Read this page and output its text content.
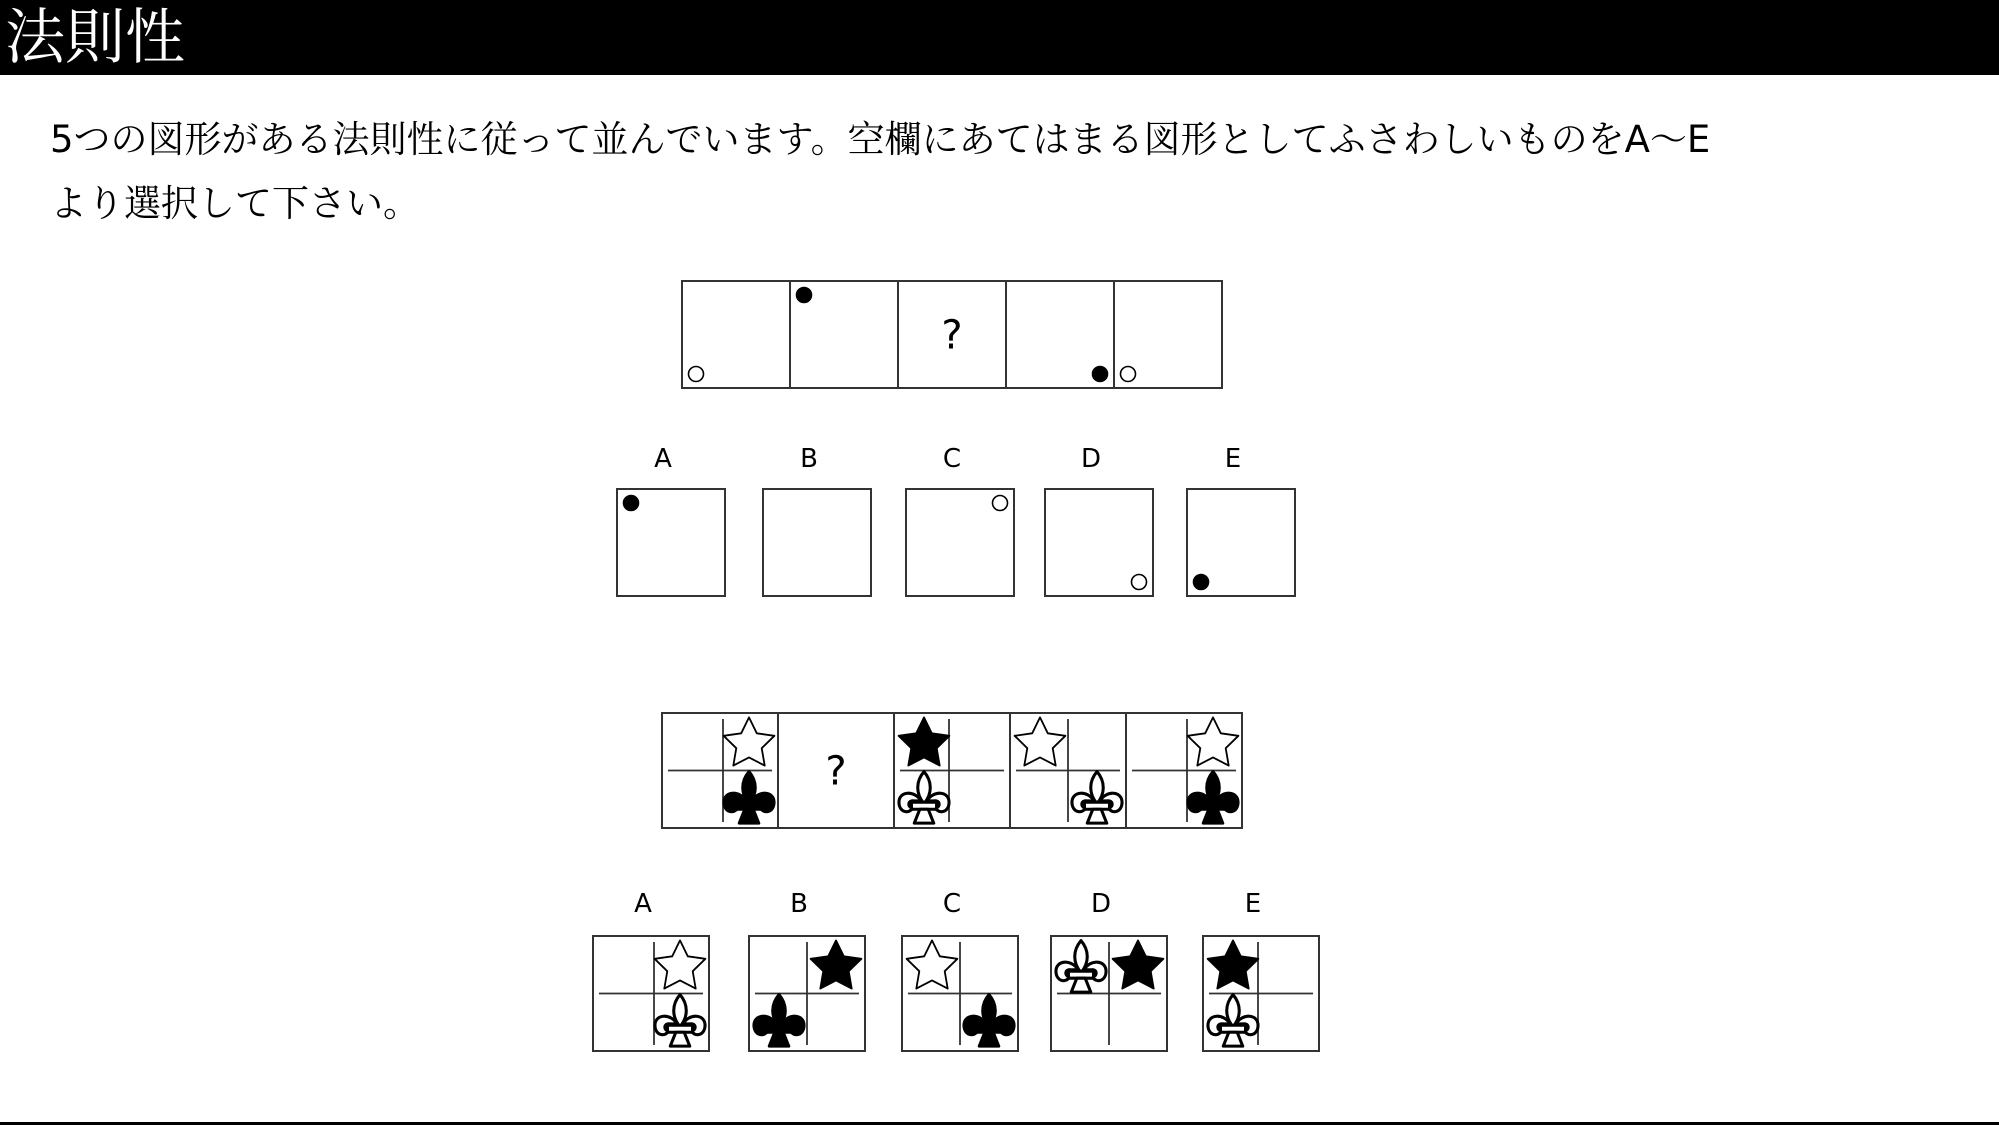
法則性
5つの図形がある法則性に従って並んでいます。空欄にあてはまる図形としてふさわしいものをA～E
より選択して下さい。
?
A	B	C	D	E
?
A	B	C	D	E
